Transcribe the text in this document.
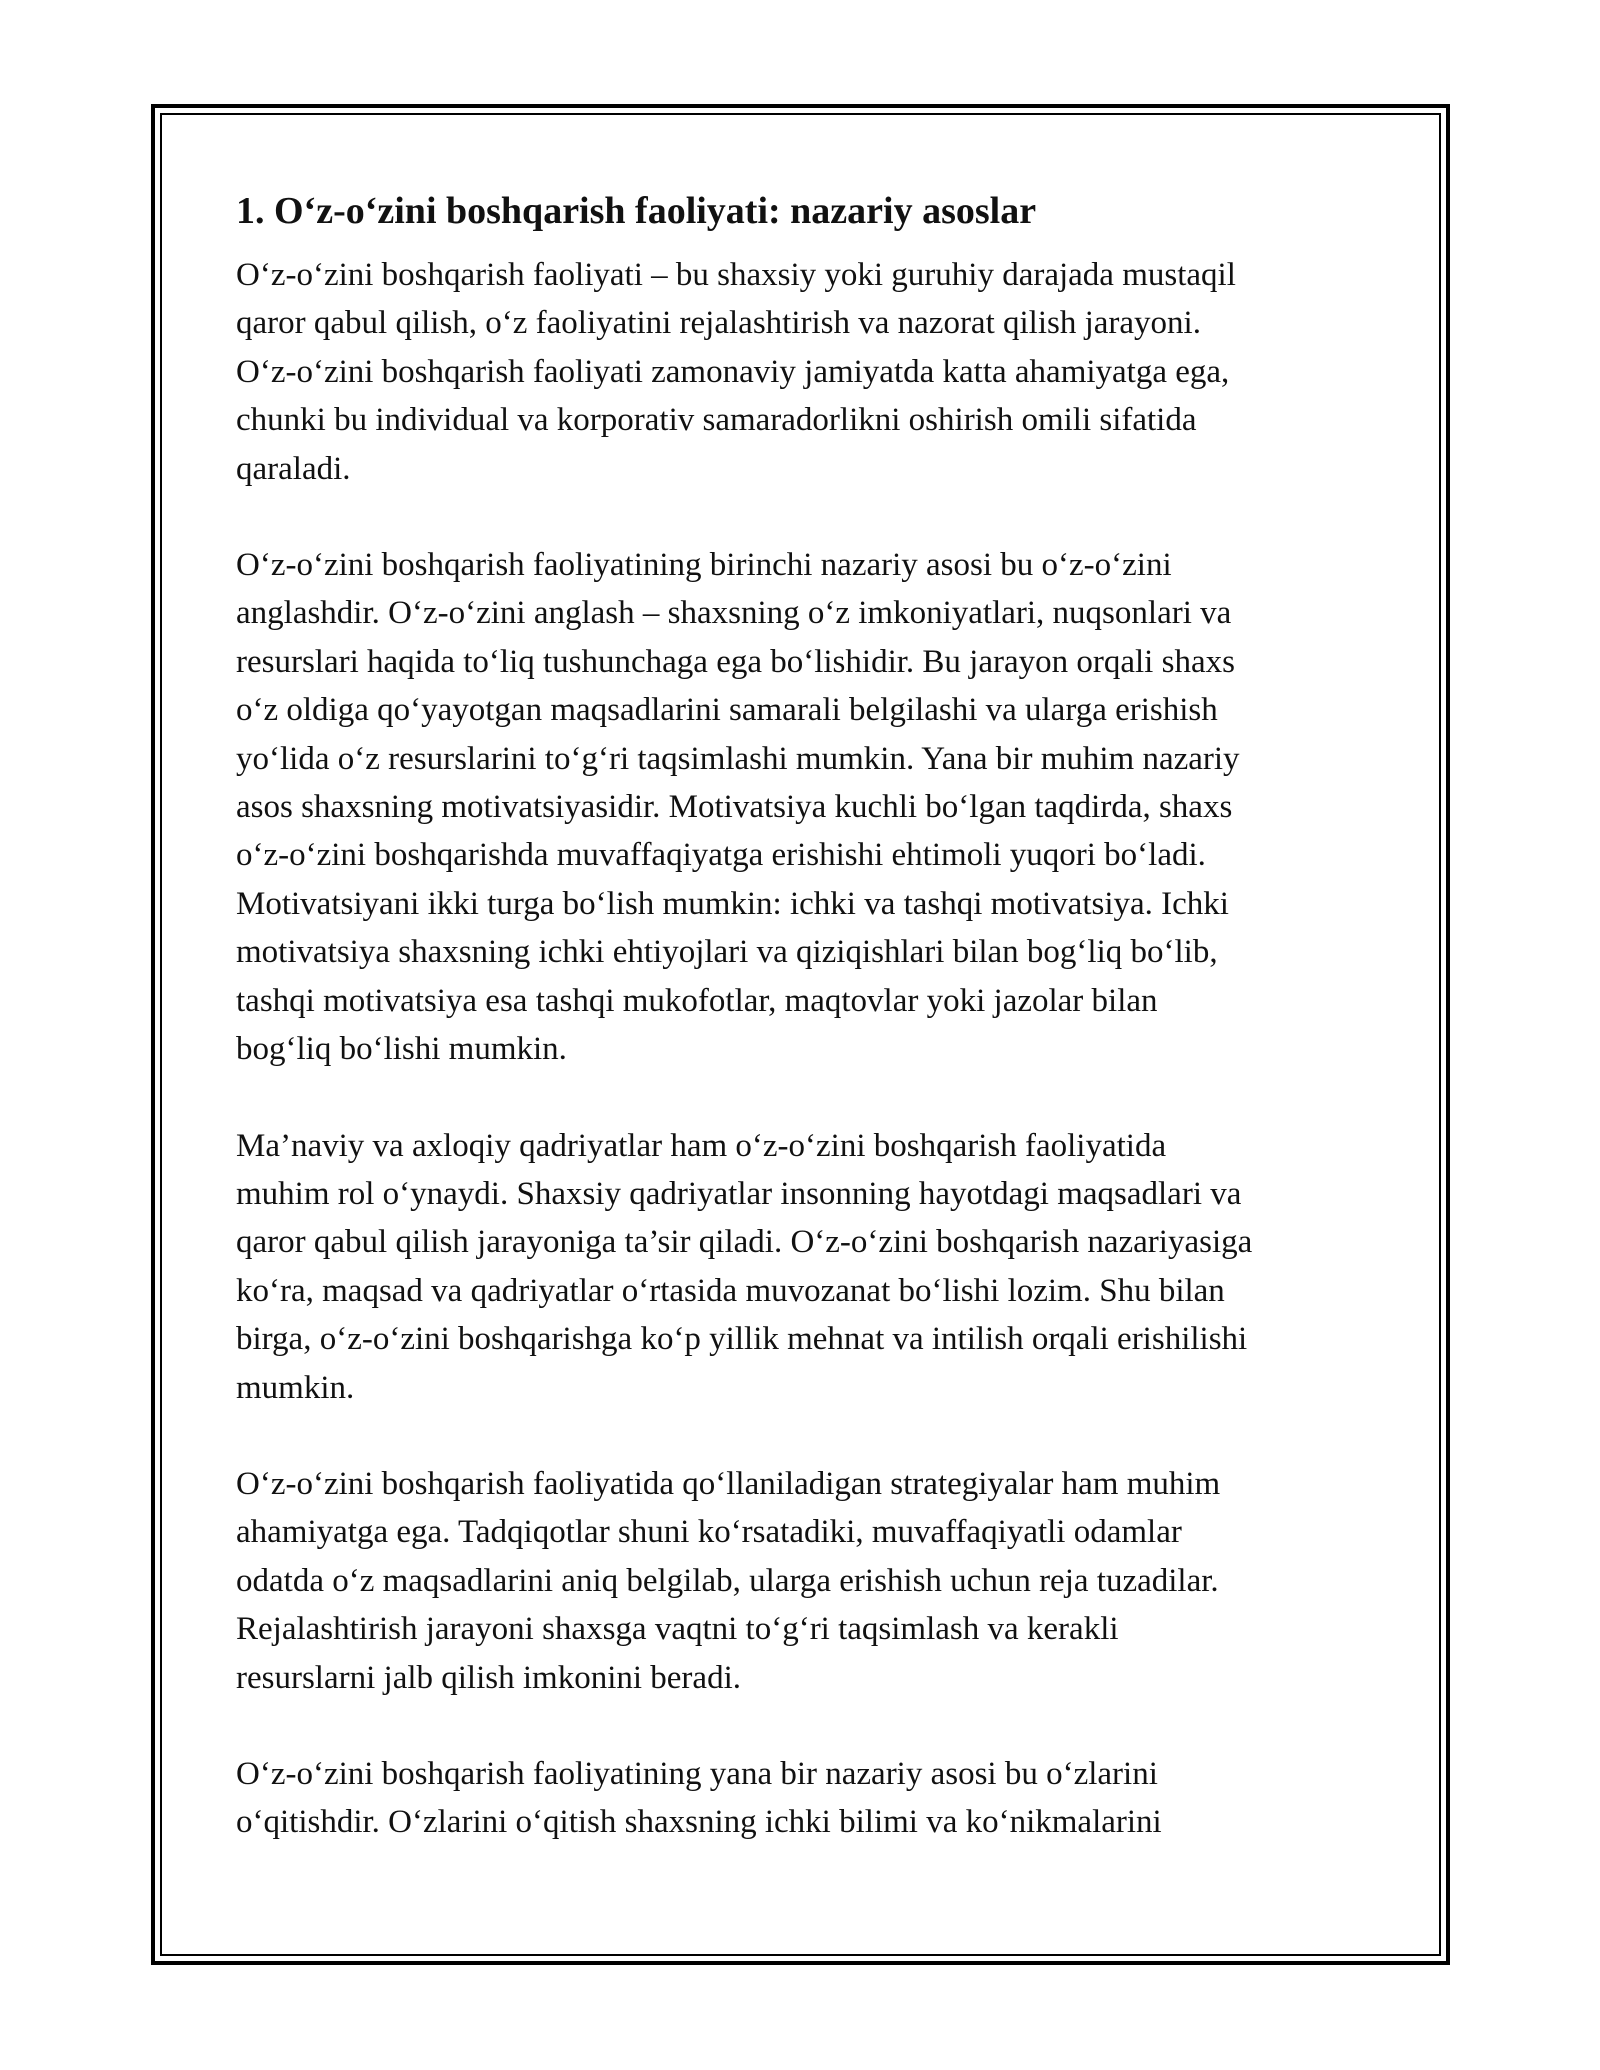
1. O‘z-o‘zini boshqarish faoliyati: nazariy asoslar

O‘z-o‘zini boshqarish faoliyati – bu shaxsiy yoki guruhiy darajada mustaqil
qaror qabul qilish, o‘z faoliyatini rejalashtirish va nazorat qilish jarayoni.
O‘z-o‘zini boshqarish faoliyati zamonaviy jamiyatda katta ahamiyatga ega,
chunki bu individual va korporativ samaradorlikni oshirish omili sifatida
qaraladi.

O‘z-o‘zini boshqarish faoliyatining birinchi nazariy asosi bu o‘z-o‘zini
anglashdir. O‘z-o‘zini anglash – shaxsning o‘z imkoniyatlari, nuqsonlari va
resurslari haqida to‘liq tushunchaga ega bo‘lishidir. Bu jarayon orqali shaxs
o‘z oldiga qo‘yayotgan maqsadlarini samarali belgilashi va ularga erishish
yo‘lida o‘z resurslarini to‘g‘ri taqsimlashi mumkin. Yana bir muhim nazariy
asos shaxsning motivatsiyasidir. Motivatsiya kuchli bo‘lgan taqdirda, shaxs
o‘z-o‘zini boshqarishda muvaffaqiyatga erishishi ehtimoli yuqori bo‘ladi.
Motivatsiyani ikki turga bo‘lish mumkin: ichki va tashqi motivatsiya. Ichki
motivatsiya shaxsning ichki ehtiyojlari va qiziqishlari bilan bog‘liq bo‘lib,
tashqi motivatsiya esa tashqi mukofotlar, maqtovlar yoki jazolar bilan
bog‘liq bo‘lishi mumkin.

Ma’naviy va axloqiy qadriyatlar ham o‘z-o‘zini boshqarish faoliyatida
muhim rol o‘ynaydi. Shaxsiy qadriyatlar insonning hayotdagi maqsadlari va
qaror qabul qilish jarayoniga ta’sir qiladi. O‘z-o‘zini boshqarish nazariyasiga
ko‘ra, maqsad va qadriyatlar o‘rtasida muvozanat bo‘lishi lozim. Shu bilan
birga, o‘z-o‘zini boshqarishga ko‘p yillik mehnat va intilish orqali erishilishi
mumkin.

O‘z-o‘zini boshqarish faoliyatida qo‘llaniladigan strategiyalar ham muhim
ahamiyatga ega. Tadqiqotlar shuni ko‘rsatadiki, muvaffaqiyatli odamlar
odatda o‘z maqsadlarini aniq belgilab, ularga erishish uchun reja tuzadilar.
Rejalashtirish jarayoni shaxsga vaqtni to‘g‘ri taqsimlash va kerakli
resurslarni jalb qilish imkonini beradi.

O‘z-o‘zini boshqarish faoliyatining yana bir nazariy asosi bu o‘zlarini
o‘qitishdir. O‘zlarini o‘qitish shaxsning ichki bilimi va ko‘nikmalarini
